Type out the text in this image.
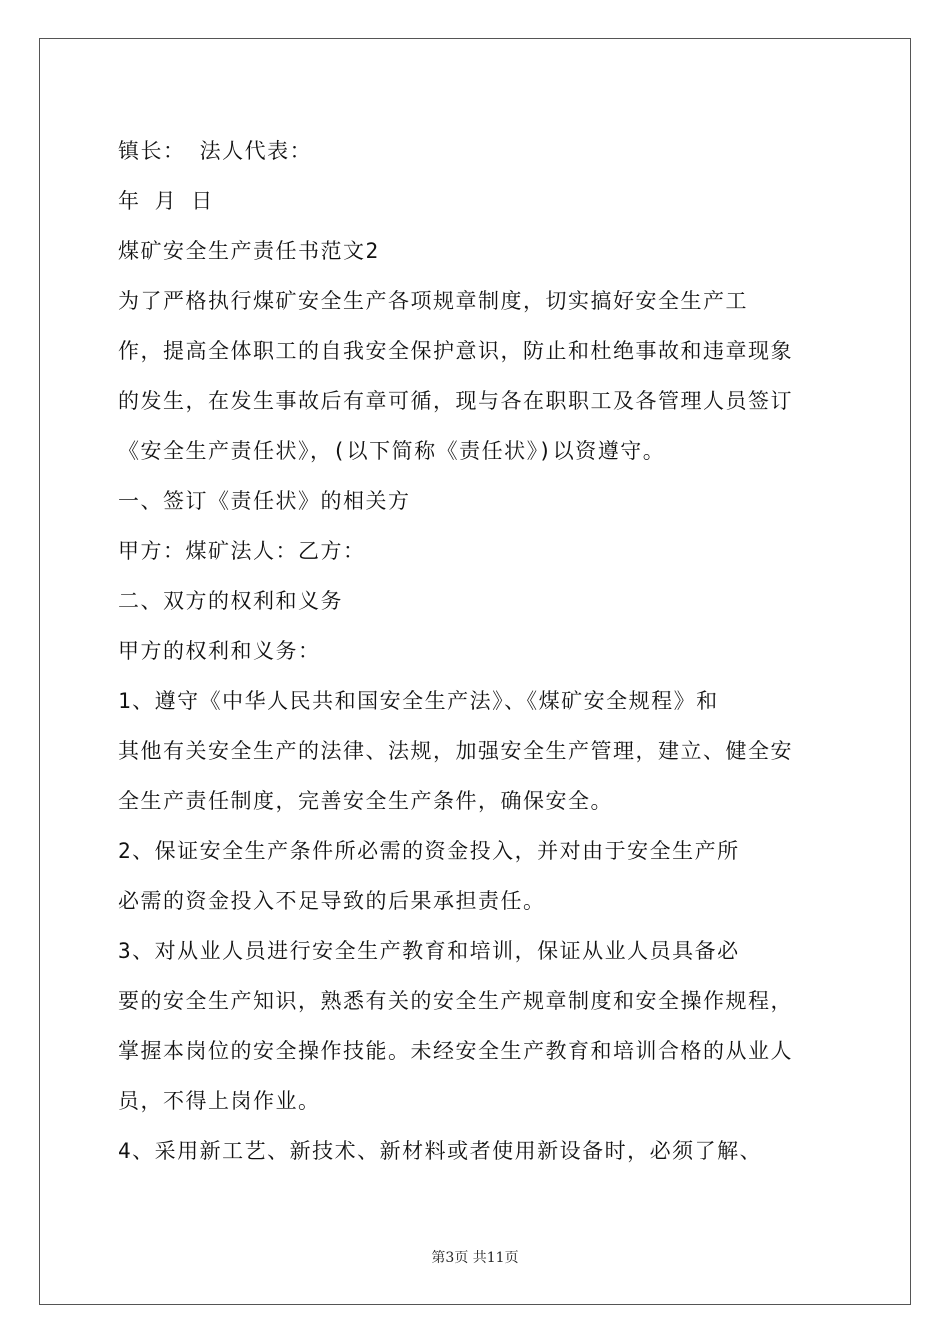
镇长： 法人代表：
年 月 日
煤矿安全生产责任书范文2
为了严格执行煤矿安全生产各项规章制度，切实搞好安全生产工
作，提高全体职工的自我安全保护意识，防止和杜绝事故和违章现象
的发生，在发生事故后有章可循，现与各在职职工及各管理人员签订
《安全生产责任状》，(以下简称《责任状》)以资遵守。
一、签订《责任状》的相关方
甲方：煤矿法人：乙方：
二、双方的权利和义务
甲方的权利和义务：
1、遵守《中华人民共和国安全生产法》、《煤矿安全规程》和
其他有关安全生产的法律、法规，加强安全生产管理，建立、健全安
全生产责任制度，完善安全生产条件，确保安全。
2、保证安全生产条件所必需的资金投入，并对由于安全生产所
必需的资金投入不足导致的后果承担责任。
3、对从业人员进行安全生产教育和培训，保证从业人员具备必
要的安全生产知识，熟悉有关的安全生产规章制度和安全操作规程，
掌握本岗位的安全操作技能。未经安全生产教育和培训合格的从业人
员，不得上岗作业。
4、采用新工艺、新技术、新材料或者使用新设备时，必须了解、
第3页 共11页
